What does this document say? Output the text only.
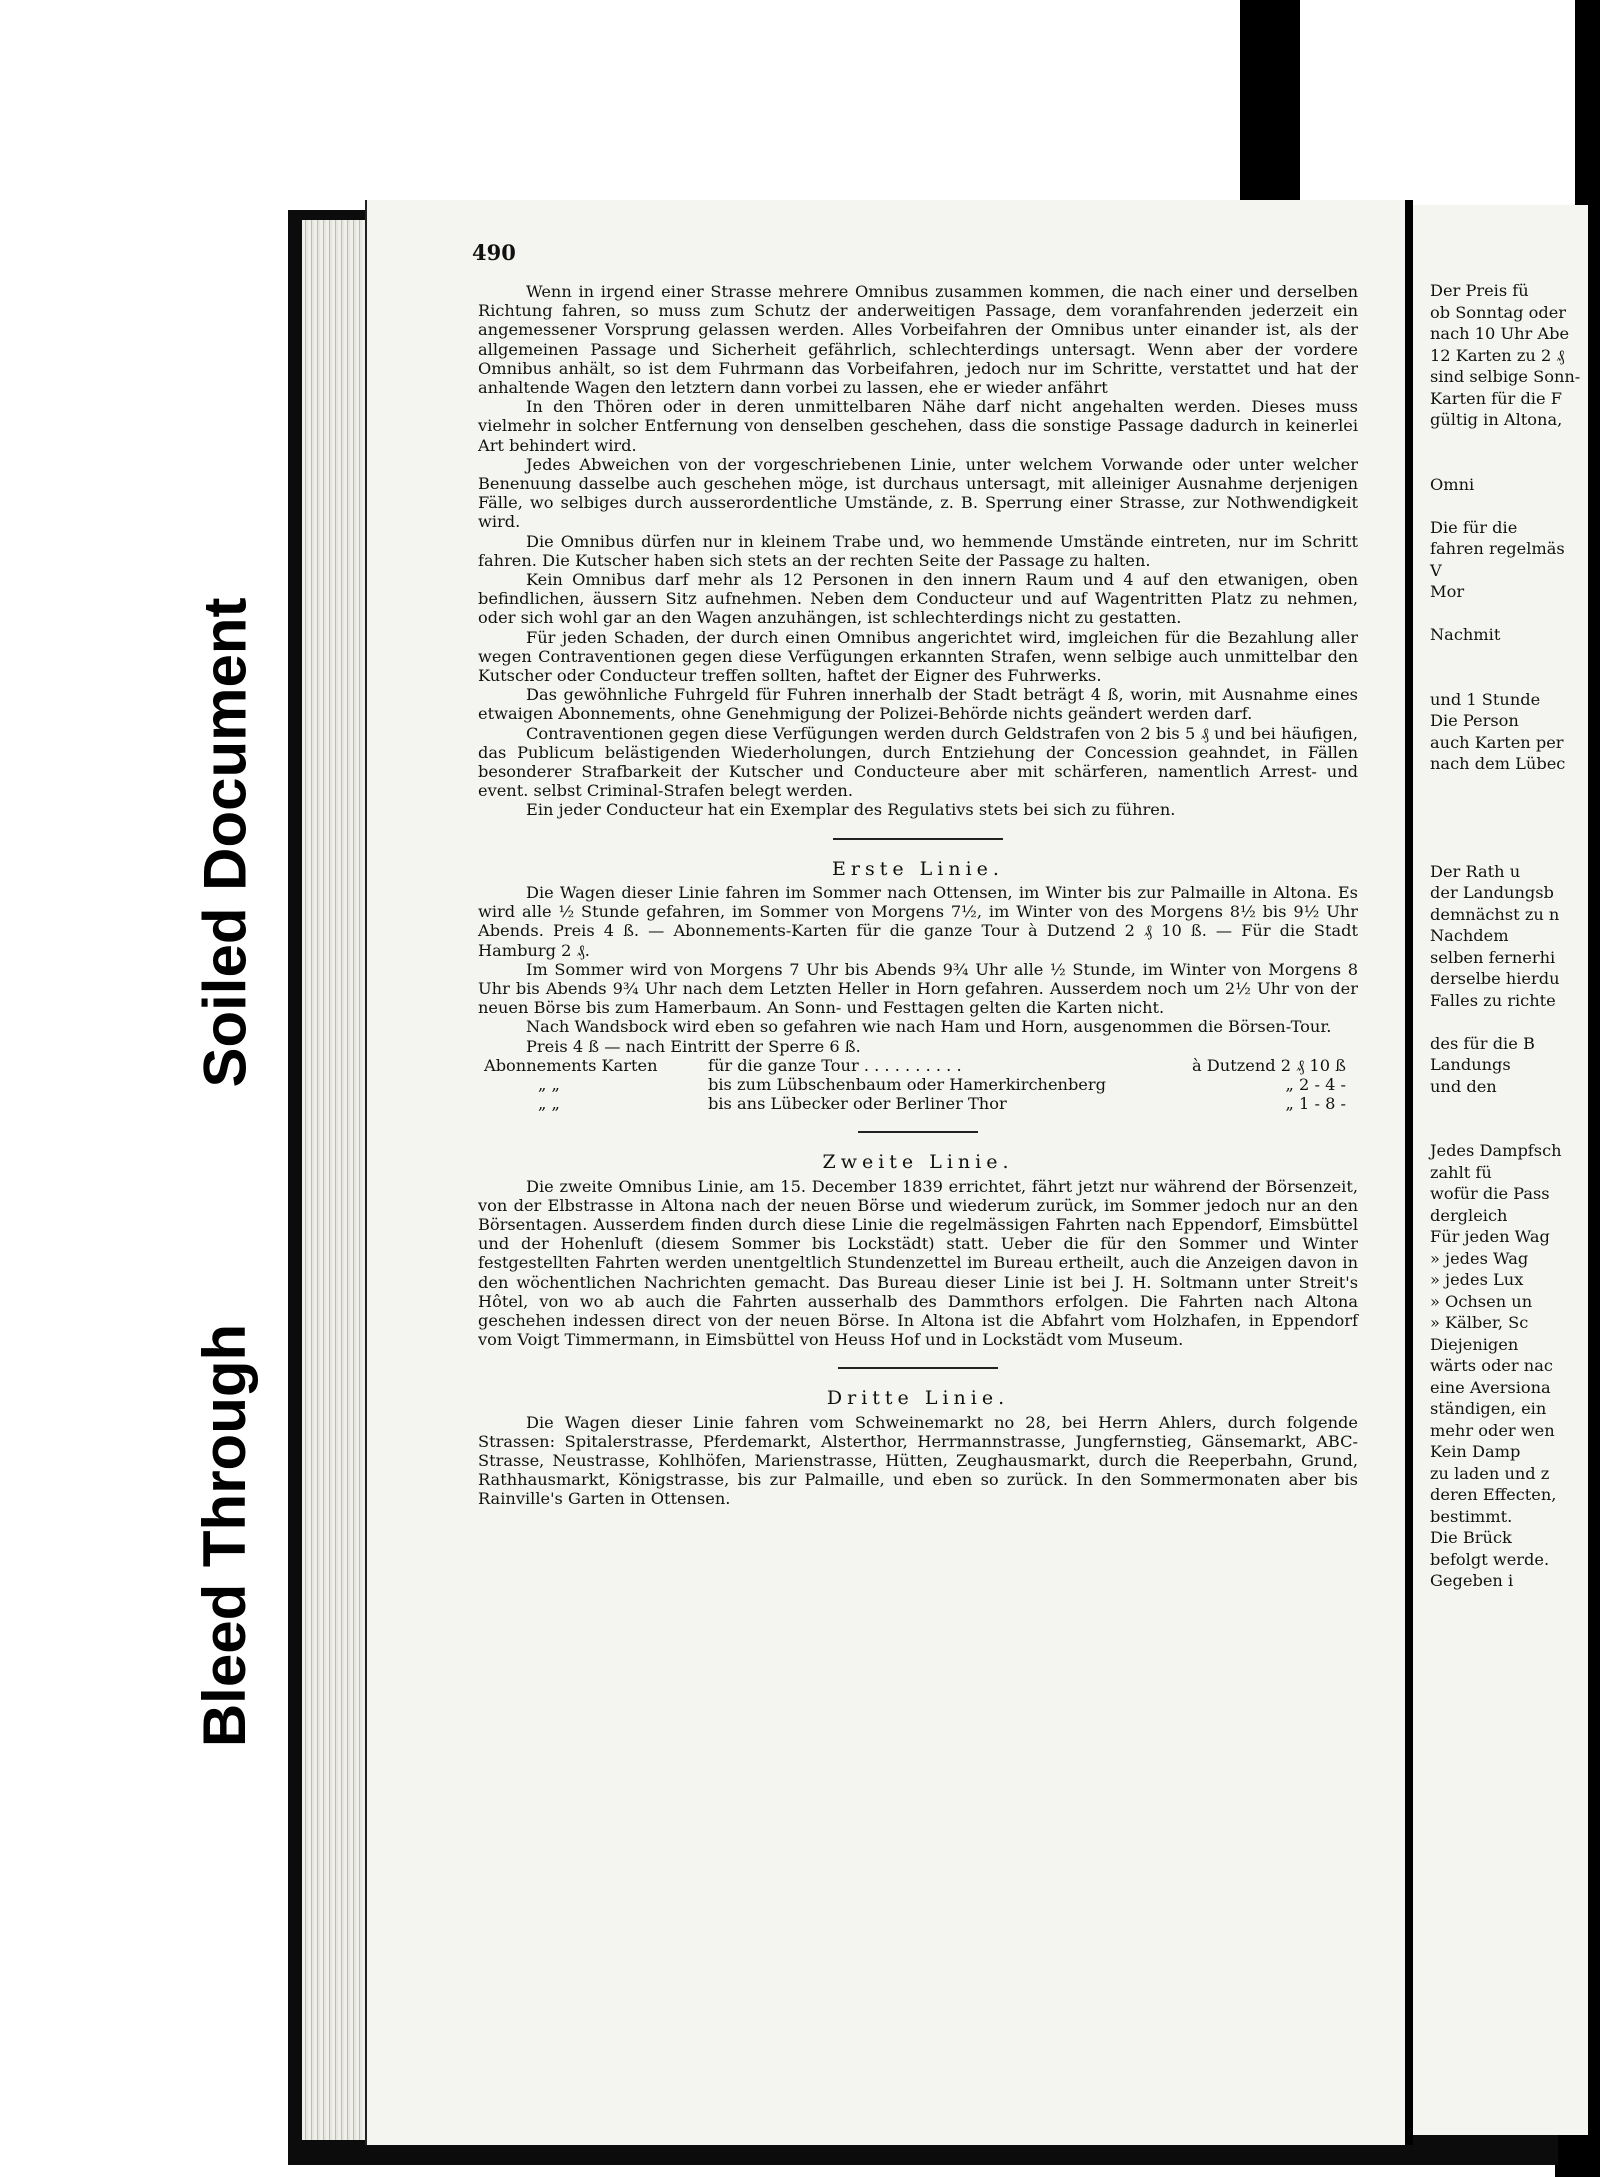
490

Wenn in irgend einer Strasse mehrere Omnibus zusammen kommen, die nach einer und derselben Richtung fahren, so muss zum Schutz der anderweitigen Passage, dem voranfahrenden jederzeit ein angemessener Vorsprung gelassen werden. Alles Vorbeifahren der Omnibus unter einander ist, als der allgemeinen Passage und Sicherheit gefährlich, schlechterdings untersagt. Wenn aber der vordere Omnibus anhält, so ist dem Fuhrmann das Vorbeifahren, jedoch nur im Schritte, verstattet und hat der anhaltende Wagen den letztern dann vorbei zu lassen, ehe er wieder anfährt

In den Thören oder in deren unmittelbaren Nähe darf nicht angehalten werden. Dieses muss vielmehr in solcher Entfernung von denselben geschehen, dass die sonstige Passage dadurch in keinerlei Art behindert wird.

Jedes Abweichen von der vorgeschriebenen Linie, unter welchem Vorwande oder unter welcher Benenuung dasselbe auch geschehen möge, ist durchaus untersagt, mit alleiniger Ausnahme derjenigen Fälle, wo selbiges durch ausserordentliche Umstände, z. B. Sperrung einer Strasse, zur Nothwendigkeit wird.

Die Omnibus dürfen nur in kleinem Trabe und, wo hemmende Umstände eintreten, nur im Schritt fahren. Die Kutscher haben sich stets an der rechten Seite der Passage zu halten.

Kein Omnibus darf mehr als 12 Personen in den innern Raum und 4 auf den etwanigen, oben befindlichen, äussern Sitz aufnehmen. Neben dem Conducteur und auf Wagentritten Platz zu nehmen, oder sich wohl gar an den Wagen anzuhängen, ist schlechterdings nicht zu gestatten.

Für jeden Schaden, der durch einen Omnibus angerichtet wird, imgleichen für die Bezahlung aller wegen Contraventionen gegen diese Verfügungen erkannten Strafen, wenn selbige auch unmittelbar den Kutscher oder Conducteur treffen sollten, haftet der Eigner des Fuhrwerks.

Das gewöhnliche Fuhrgeld für Fuhren innerhalb der Stadt beträgt 4 ß, worin, mit Ausnahme eines etwaigen Abonnements, ohne Genehmigung der Polizei-Behörde nichts geändert werden darf.

Contraventionen gegen diese Verfügungen werden durch Geldstrafen von 2 bis 5 ₰ und bei häufigen, das Publicum belästigenden Wiederholungen, durch Entziehung der Concession geahndet, in Fällen besonderer Strafbarkeit der Kutscher und Conducteure aber mit schärferen, namentlich Arrest- und event. selbst Criminal-Strafen belegt werden.

Ein jeder Conducteur hat ein Exemplar des Regulativs stets bei sich zu führen.

Erste Linie.

Die Wagen dieser Linie fahren im Sommer nach Ottensen, im Winter bis zur Palmaille in Altona. Es wird alle ½ Stunde gefahren, im Sommer von Morgens 7½, im Winter von des Morgens 8½ bis 9½ Uhr Abends. Preis 4 ß. — Abonnements-Karten für die ganze Tour à Dutzend 2 ₰ 10 ß. — Für die Stadt Hamburg 2 ₰.

Im Sommer wird von Morgens 7 Uhr bis Abends 9¾ Uhr alle ½ Stunde, im Winter von Morgens 8 Uhr bis Abends 9¾ Uhr nach dem Letzten Heller in Horn gefahren. Ausserdem noch um 2½ Uhr von der neuen Börse bis zum Hamerbaum. An Sonn- und Festtagen gelten die Karten nicht.

Nach Wandsbock wird eben so gefahren wie nach Ham und Horn, ausgenommen die Börsen-Tour.

Preis 4 ß — nach Eintritt der Sperre 6 ß.

Abonnements Karten	für die ganze Tour . . . . . . . . . .	à Dutzend 2 ₰ 10 ß
„ „	bis zum Lübschenbaum oder Hamerkirchenberg	„ 2 - 4 -
„ „	bis ans Lübecker oder Berliner Thor	„ 1 - 8 -
Zweite Linie.

Die zweite Omnibus Linie, am 15. December 1839 errichtet, fährt jetzt nur während der Börsenzeit, von der Elbstrasse in Altona nach der neuen Börse und wiederum zurück, im Sommer jedoch nur an den Börsentagen. Ausserdem finden durch diese Linie die regelmässigen Fahrten nach Eppendorf, Eimsbüttel und der Hohenluft (diesem Sommer bis Lockstädt) statt. Ueber die für den Sommer und Winter festgestellten Fahrten werden unentgeltlich Stundenzettel im Bureau ertheilt, auch die Anzeigen davon in den wöchentlichen Nachrichten gemacht. Das Bureau dieser Linie ist bei J. H. Soltmann unter Streit's Hôtel, von wo ab auch die Fahrten ausserhalb des Dammthors erfolgen. Die Fahrten nach Altona geschehen indessen direct von der neuen Börse. In Altona ist die Abfahrt vom Holzhafen, in Eppendorf vom Voigt Timmermann, in Eimsbüttel von Heuss Hof und in Lockstädt vom Museum.

Dritte Linie.

Die Wagen dieser Linie fahren vom Schweinemarkt no 28, bei Herrn Ahlers, durch folgende Strassen: Spitalerstrasse, Pferdemarkt, Alsterthor, Herrmannstrasse, Jungfernstieg, Gänsemarkt, ABC-Strasse, Neustrasse, Kohlhöfen, Marienstrasse, Hütten, Zeughausmarkt, durch die Reeperbahn, Grund, Rathhausmarkt, Königstrasse, bis zur Palmaille, und eben so zurück. In den Sommermonaten aber bis Rainville's Garten in Ottensen.

Der Preis fü
ob Sonntag oder
nach 10 Uhr Abe
12 Karten zu 2 ₰
sind selbige Sonn-
Karten für die F
gültig in Altona,

Omni

Die für die
fahren regelmäs
V
Mor

Nachmit

und 1 Stunde
Die Person
auch Karten per
nach dem Lübec

Der Rath u
der Landungsb
demnächst zu n
Nachdem
selben fernerhi
derselbe hierdu
Falles zu richte

des für die B
Landungs
und den

Jedes Dampfsch
zahlt fü
wofür die Pass
dergleich
Für jeden Wag
» jedes Wag
» jedes Lux
» Ochsen un
» Kälber, Sc
Diejenigen
wärts oder nac
eine Aversiona
ständigen, ein
mehr oder wen
Kein Damp
zu laden und z
deren Effecten,
bestimmt.
Die Brück
befolgt werde.
Gegeben i
Soiled Document
Bleed Through
